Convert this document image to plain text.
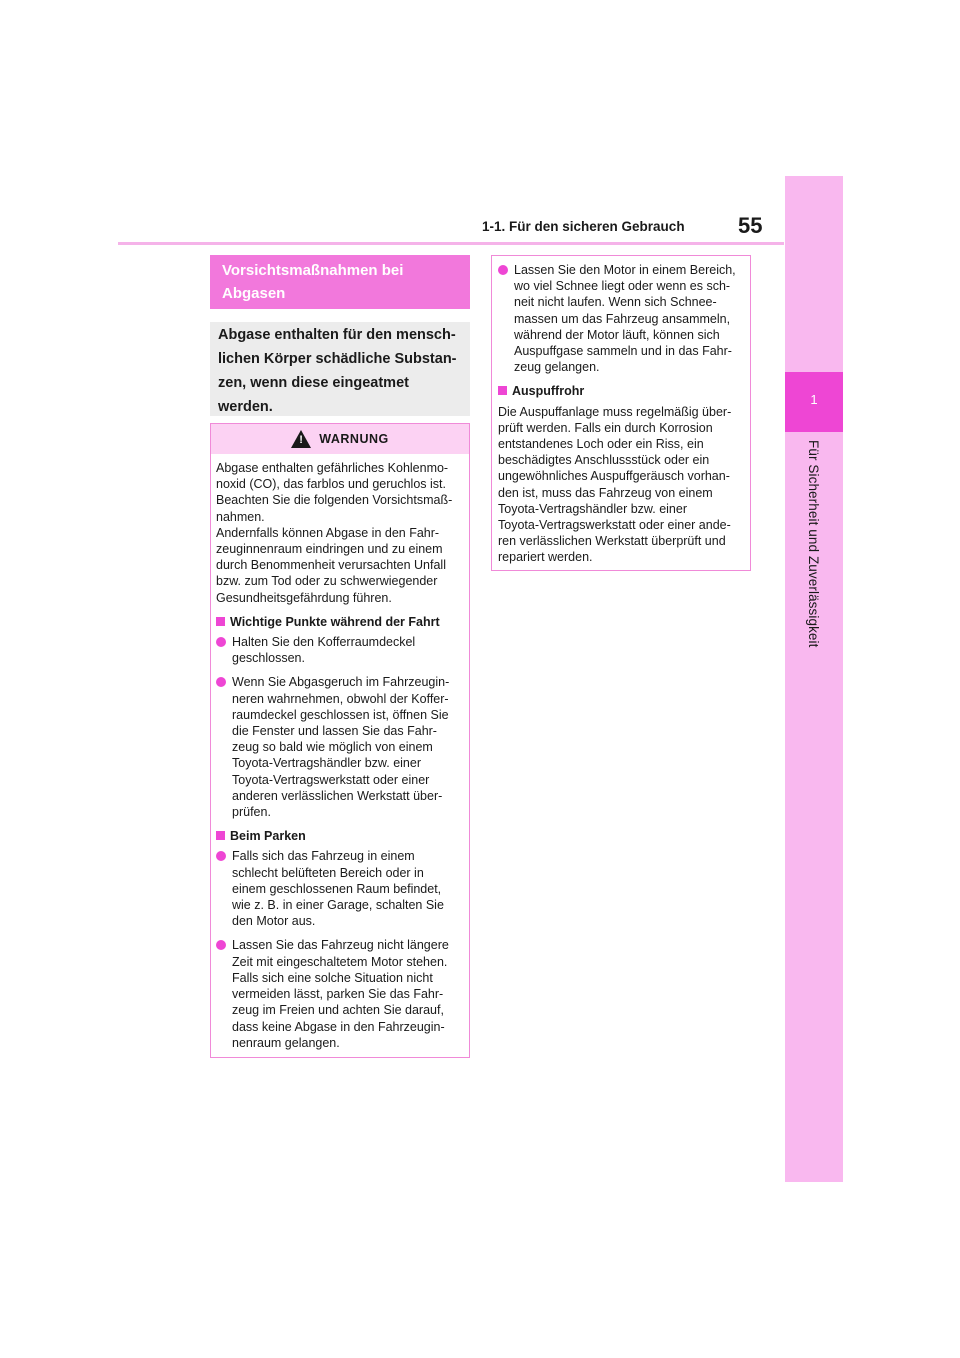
1
Für Sicherheit und Zuverlässigkeit
55
1-1. Für den sicheren Gebrauch

Vorsichtsmaßnahmen bei

Abgasen

Abgase enthalten für den mensch-

lichen Körper schädliche Substan-

zen, wenn diese eingeatmet

werden.

! WARNUNG

Abgase enthalten gefährliches Kohlenmo-

noxid (CO), das farblos und geruchlos ist.

Beachten Sie die folgenden Vorsichtsmaß-

nahmen.

Andernfalls können Abgase in den Fahr-

zeuginnenraum eindringen und zu einem

durch Benommenheit verursachten Unfall

bzw. zum Tod oder zu schwerwiegender

Gesundheitsgefährdung führen.

Wichtige Punkte während der Fahrt

Halten Sie den Kofferraumdeckel

geschlossen.

Wenn Sie Abgasgeruch im Fahrzeugin-

neren wahrnehmen, obwohl der Koffer-

raumdeckel geschlossen ist, öffnen Sie

die Fenster und lassen Sie das Fahr-

zeug so bald wie möglich von einem

Toyota-Vertragshändler bzw. einer

Toyota-Vertragswerkstatt oder einer

anderen verlässlichen Werkstatt über-

prüfen.

Beim Parken

Falls sich das Fahrzeug in einem

schlecht belüfteten Bereich oder in

einem geschlossenen Raum befindet,

wie z. B. in einer Garage, schalten Sie

den Motor aus.

Lassen Sie das Fahrzeug nicht längere

Zeit mit eingeschaltetem Motor stehen.

Falls sich eine solche Situation nicht

vermeiden lässt, parken Sie das Fahr-

zeug im Freien und achten Sie darauf,

dass keine Abgase in den Fahrzeugin-

nenraum gelangen.

Lassen Sie den Motor in einem Bereich,

wo viel Schnee liegt oder wenn es sch-

neit nicht laufen. Wenn sich Schnee-

massen um das Fahrzeug ansammeln,

während der Motor läuft, können sich

Auspuffgase sammeln und in das Fahr-

zeug gelangen.

Auspuffrohr

Die Auspuffanlage muss regelmäßig über-

prüft werden. Falls ein durch Korrosion

entstandenes Loch oder ein Riss, ein

beschädigtes Anschlussstück oder ein

ungewöhnliches Auspuffgeräusch vorhan-

den ist, muss das Fahrzeug von einem

Toyota-Vertragshändler bzw. einer

Toyota-Vertragswerkstatt oder einer ande-

ren verlässlichen Werkstatt überprüft und

repariert werden.
